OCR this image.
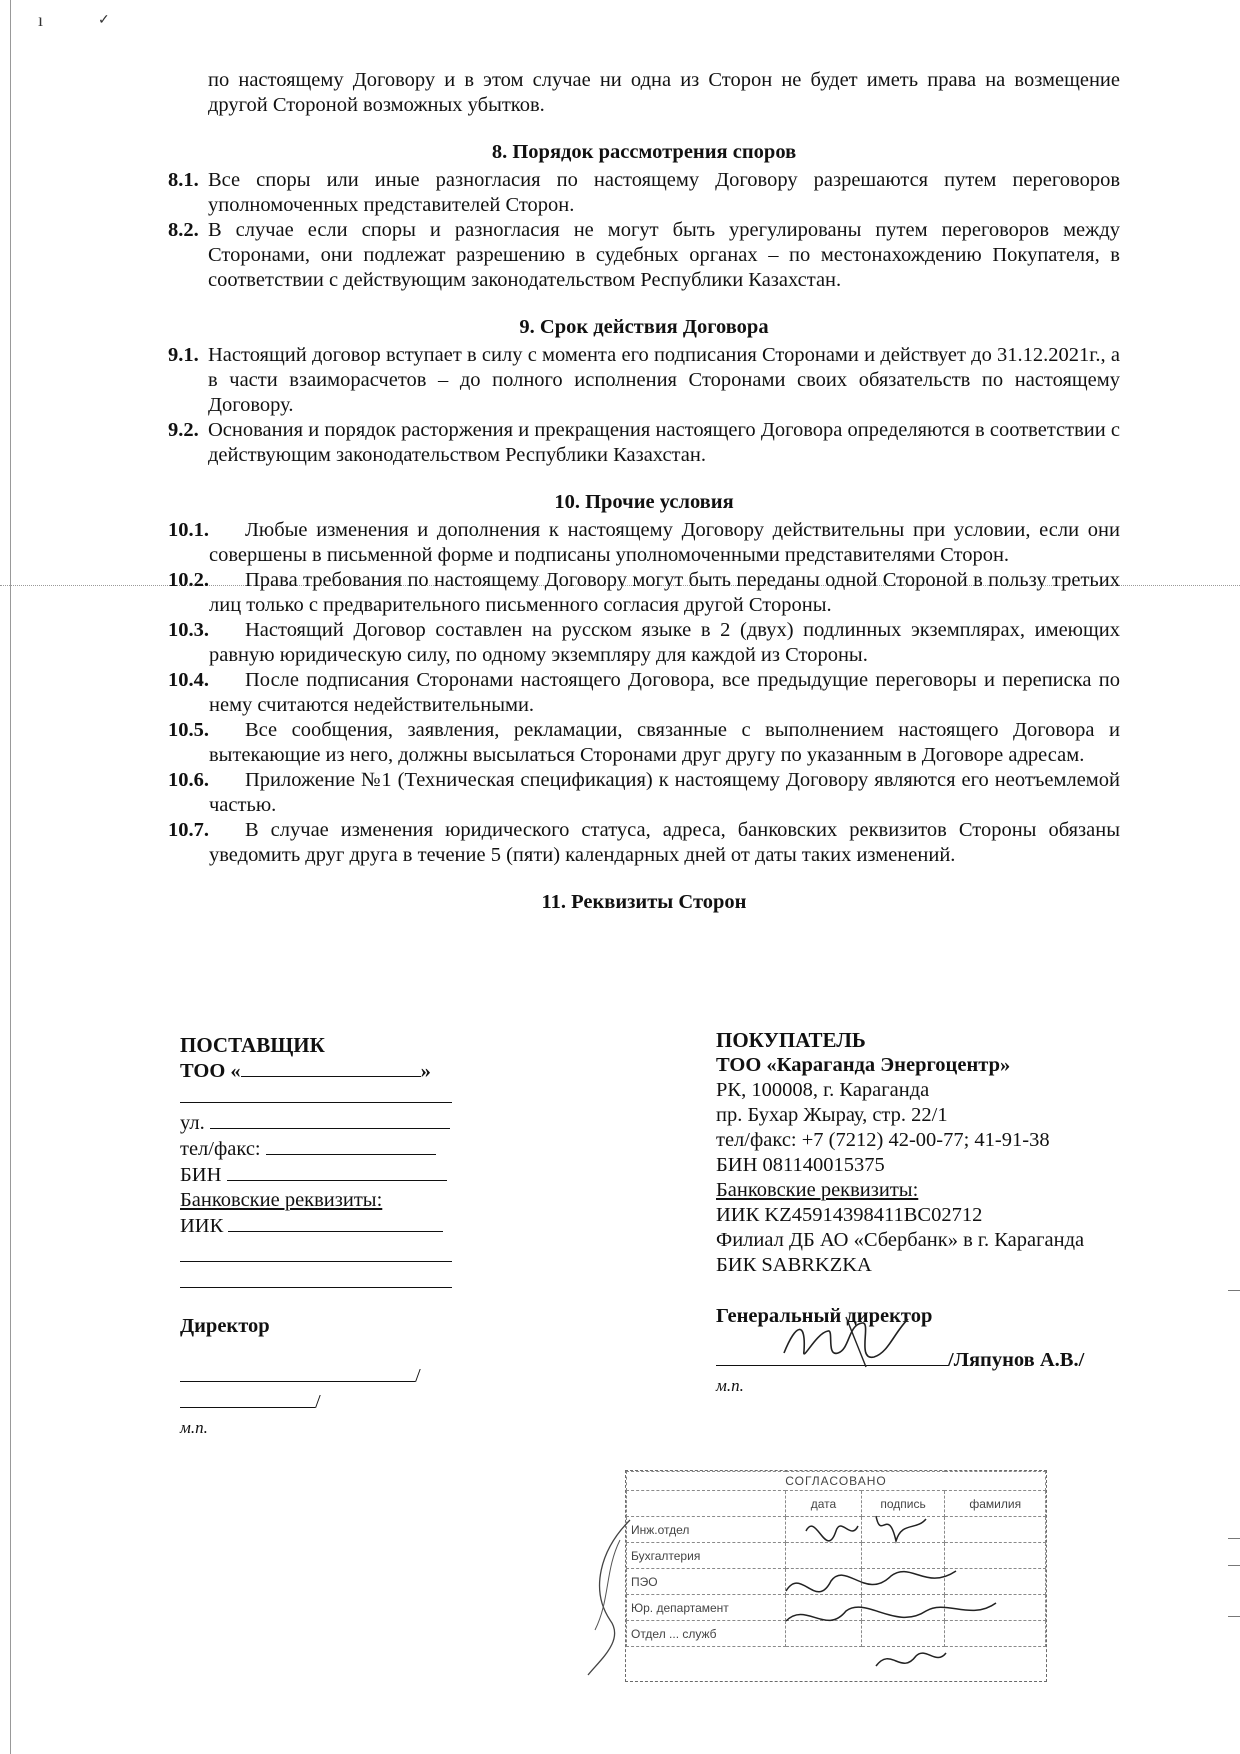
ı	✓

по настоящему Договору и в этом случае ни одна из Сторон не будет иметь права на возмещение другой Стороной возможных убытков.

8. Порядок рассмотрения споров
8.1. Все споры или иные разногласия по настоящему Договору разрешаются путем переговоров уполномоченных представителей Сторон.
8.2. В случае если споры и разногласия не могут быть урегулированы путем переговоров между Сторонами, они подлежат разрешению в судебных органах – по местонахождению Покупателя, в соответствии с действующим законодательством Республики Казахстан.
9. Срок действия Договора
9.1. Настоящий договор вступает в силу с момента его подписания Сторонами и действует до 31.12.2021г., а в части взаиморасчетов – до полного исполнения Сторонами своих обязательств по настоящему Договору.
9.2. Основания и порядок расторжения и прекращения настоящего Договора определяются в соответствии с действующим законодательством Республики Казахстан.
10. Прочие условия
10.1.	Любые изменения и дополнения к настоящему Договору действительны при условии, если они совершены в письменной форме и подписаны уполномоченными представителями Сторон.
10.2.	Права требования по настоящему Договору могут быть переданы одной Стороной в пользу третьих лиц только с предварительного письменного согласия другой Стороны.
10.3.	Настоящий Договор составлен на русском языке в 2 (двух) подлинных экземплярах, имеющих равную юридическую силу, по одному экземпляру для каждой из Стороны.
10.4.	После подписания Сторонами настоящего Договора, все предыдущие переговоры и переписка по нему считаются недействительными.
10.5.	Все сообщения, заявления, рекламации, связанные с выполнением настоящего Договора и вытекающие из него, должны высылаться Сторонами друг другу по указанным в Договоре адресам.
10.6.	Приложение №1 (Техническая спецификация) к настоящему Договору являются его неотъемлемой частью.
10.7.	В случае изменения юридического статуса, адреса, банковских реквизитов Стороны обязаны уведомить друг друга в течение 5 (пяти) календарных дней от даты таких изменений.
11. Реквизиты Сторон
ПОСТАВЩИК
ТОО «	»
ул.
тел/факс:
БИН
Банковские реквизиты:
ИИК
Директор
//
м.п.
ПОКУПАТЕЛЬ
ТОО «Караганда Энергоцентр»
РК, 100008, г. Караганда
пр. Бухар Жырау, стр. 22/1
тел/факс: +7 (7212) 42-00-77; 41-91-38
БИН 081140015375
Банковские реквизиты:
ИИК KZ45914398411BC02712
Филиал ДБ АО «Сбербанк» в г. Караганда
БИК SABRKZKA
Генеральный директор
/Ляпунов А.В./
м.п.
СОГЛАСОВАНО			
	дата	подпись	фамилия
Инж.отдел			
Бухгалтерия			
ПЭО			
Юр. департамент			
Отдел ... служб			
